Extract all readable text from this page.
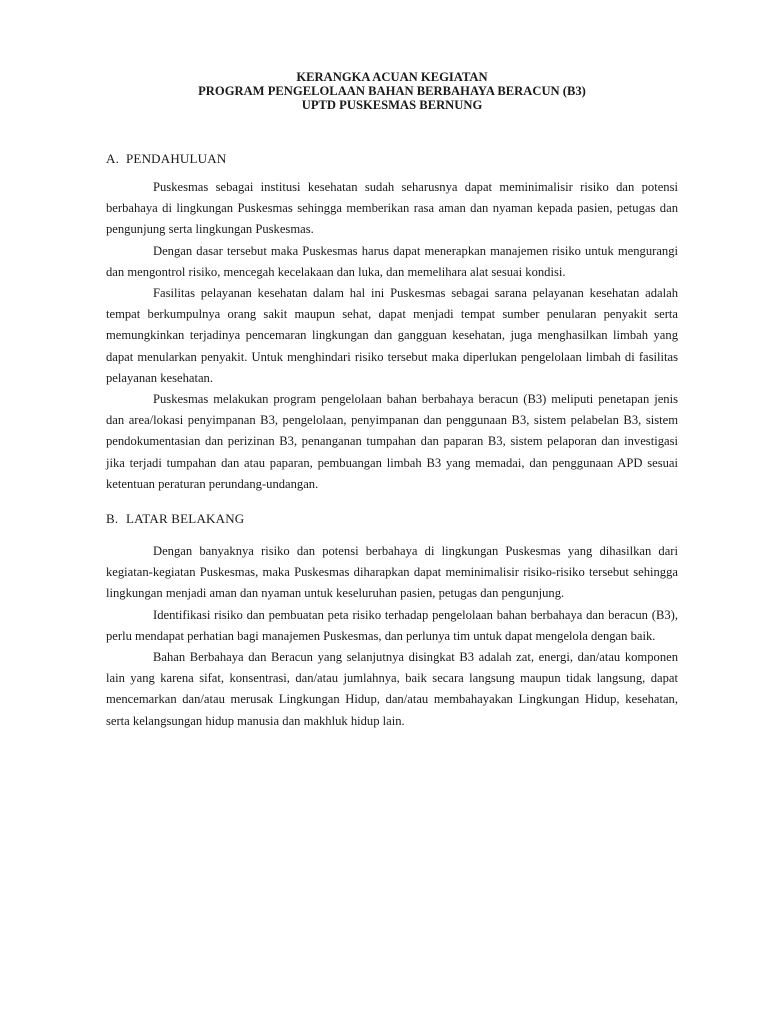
KERANGKA ACUAN KEGIATAN

PROGRAM PENGELOLAAN BAHAN BERBAHAYA BERACUN (B3)

UPTD PUSKESMAS BERNUNG

A. PENDAHULUAN

Puskesmas sebagai institusi kesehatan sudah seharusnya dapat meminimalisir risiko dan potensi berbahaya di lingkungan Puskesmas sehingga memberikan rasa aman dan nyaman kepada pasien, petugas dan pengunjung serta lingkungan Puskesmas.

Dengan dasar tersebut maka Puskesmas harus dapat menerapkan manajemen risiko untuk mengurangi dan mengontrol risiko, mencegah kecelakaan dan luka, dan memelihara alat sesuai kondisi.

Fasilitas pelayanan kesehatan dalam hal ini Puskesmas sebagai sarana pelayanan kesehatan adalah tempat berkumpulnya orang sakit maupun sehat, dapat menjadi tempat sumber penularan penyakit serta memungkinkan terjadinya pencemaran lingkungan dan gangguan kesehatan, juga menghasilkan limbah yang dapat menularkan penyakit. Untuk menghindari risiko tersebut maka diperlukan pengelolaan limbah di fasilitas pelayanan kesehatan.

Puskesmas melakukan program pengelolaan bahan berbahaya beracun (B3) meliputi penetapan jenis dan area/lokasi penyimpanan B3, pengelolaan, penyimpanan dan penggunaan B3, sistem pelabelan B3, sistem pendokumentasian dan perizinan B3, penanganan tumpahan dan paparan B3, sistem pelaporan dan investigasi jika terjadi tumpahan dan atau paparan, pembuangan limbah B3 yang memadai, dan penggunaan APD sesuai ketentuan peraturan perundang-undangan.

B. LATAR BELAKANG

Dengan banyaknya risiko dan potensi berbahaya di lingkungan Puskesmas yang dihasilkan dari kegiatan-kegiatan Puskesmas, maka Puskesmas diharapkan dapat meminimalisir risiko-risiko tersebut sehingga lingkungan menjadi aman dan nyaman untuk keseluruhan pasien, petugas dan pengunjung.

Identifikasi risiko dan pembuatan peta risiko terhadap pengelolaan bahan berbahaya dan beracun (B3), perlu mendapat perhatian bagi manajemen Puskesmas, dan perlunya tim untuk dapat mengelola dengan baik.

Bahan Berbahaya dan Beracun yang selanjutnya disingkat B3 adalah zat, energi, dan/atau komponen lain yang karena sifat, konsentrasi, dan/atau jumlahnya, baik secara langsung maupun tidak langsung, dapat mencemarkan dan/atau merusak Lingkungan Hidup, dan/atau membahayakan Lingkungan Hidup, kesehatan, serta kelangsungan hidup manusia dan makhluk hidup lain.
